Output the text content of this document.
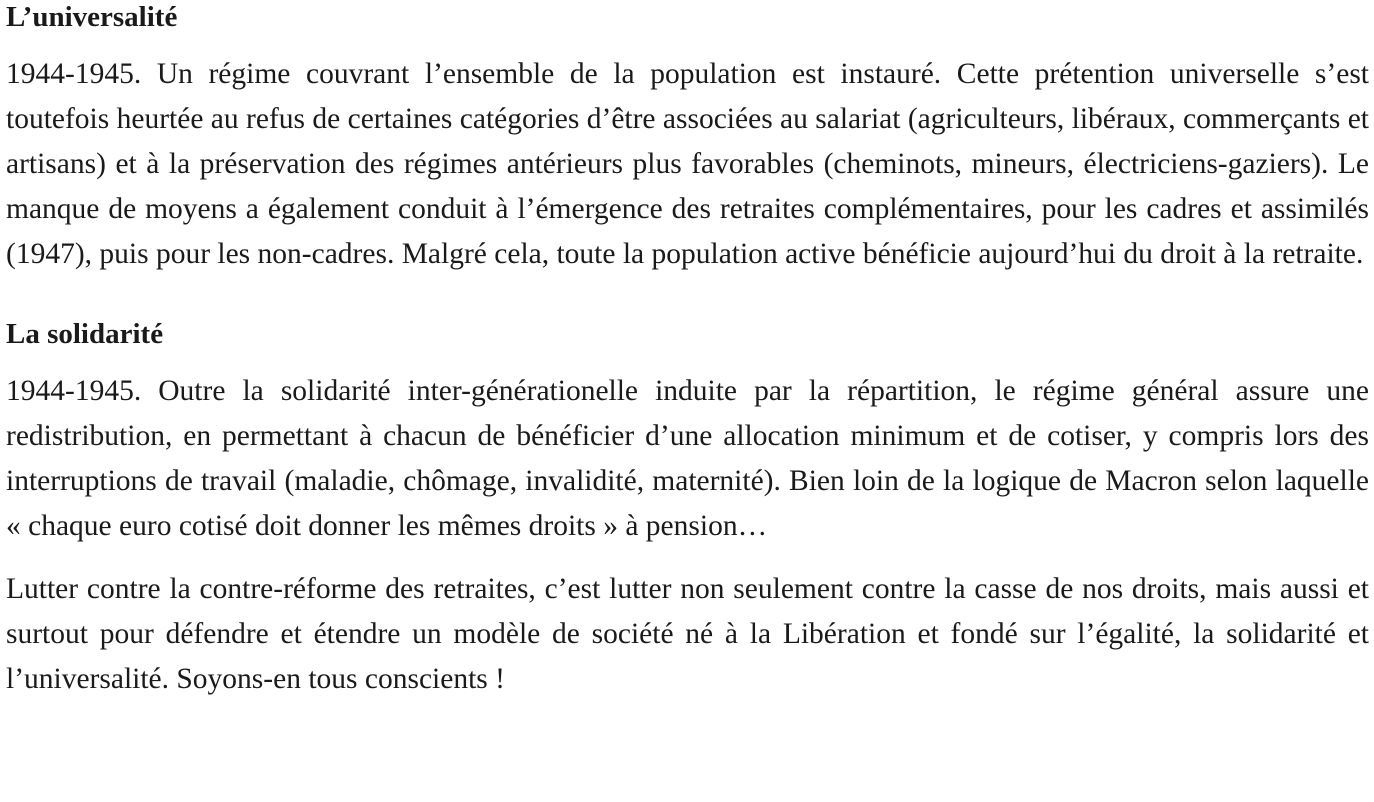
L’universalité

1944-1945. Un régime couvrant l’ensemble de la population est instauré. Cette prétention universelle s’est toutefois heurtée au refus de certaines catégories d’être associées au salariat (agriculteurs, libéraux, commerçants et artisans) et à la préservation des régimes antérieurs plus favorables (cheminots, mineurs, électriciens-gaziers). Le manque de moyens a également conduit à l’émergence des retraites complémentaires, pour les cadres et assimilés (1947), puis pour les non-cadres. Malgré cela, toute la population active bénéficie aujourd’hui du droit à la retraite.

La solidarité

1944-1945. Outre la solidarité inter-générationelle induite par la répartition, le régime général assure une redistribution, en permettant à chacun de bénéficier d’une allocation minimum et de cotiser, y compris lors des interruptions de travail (maladie, chômage, invalidité, maternité). Bien loin de la logique de Macron selon laquelle « chaque euro cotisé doit donner les mêmes droits » à pension…

Lutter contre la contre-réforme des retraites, c’est lutter non seulement contre la casse de nos droits, mais aussi et surtout pour défendre et étendre un modèle de société né à la Libération et fondé sur l’égalité, la solidarité et l’universalité. Soyons-en tous conscients !
